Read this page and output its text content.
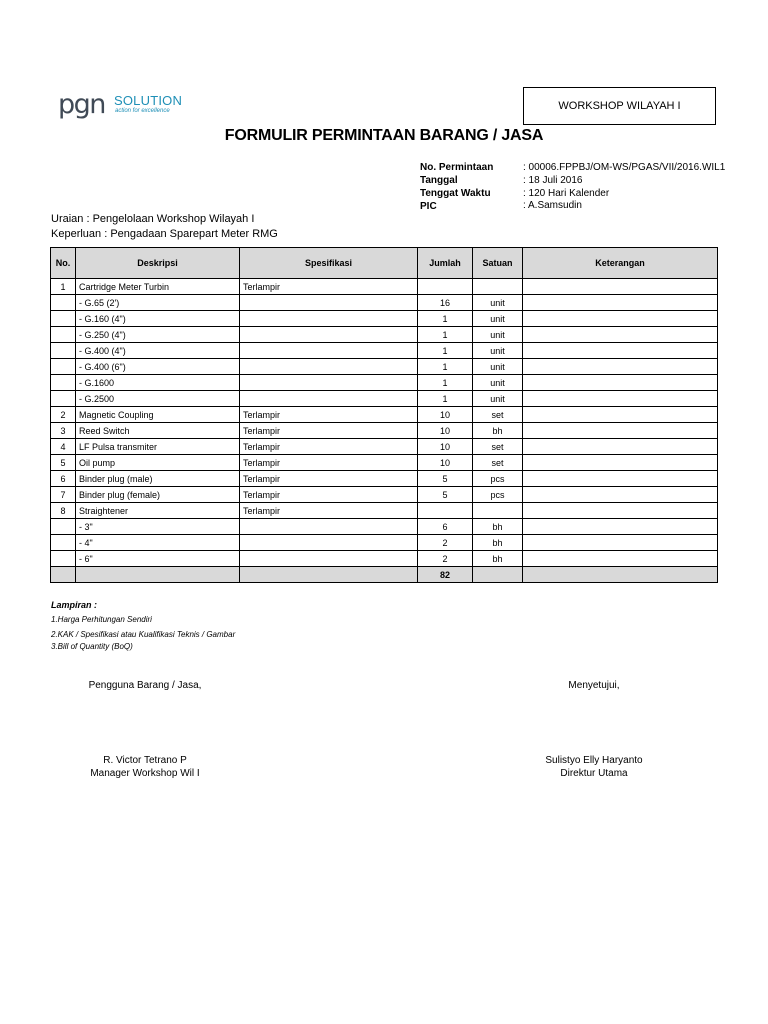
pgn SOLUTION
action for excellence	WORKSHOP WILAYAH I
FORMULIR PERMINTAAN BARANG / JASA
No. Permintaan	: 00006.FPPBJ/OM-WS/PGAS/VII/2016.WIL1
Tanggal	: 18 Juli 2016
Tenggat Waktu	: 120 Hari Kalender
PIC	: A.Samsudin
Uraian : Pengelolaan Workshop Wilayah I
Keperluan : Pengadaan Sparepart Meter RMG
No.	Deskripsi	Spesifikasi	Jumlah	Satuan	Keterangan
1	Cartridge Meter Turbin	Terlampir			
	- G.65 (2')		16	unit	
	- G.160 (4")		1	unit	
	- G.250 (4")		1	unit	
	- G.400 (4")		1	unit	
	- G.400 (6")		1	unit	
	- G.1600		1	unit	
	- G.2500		1	unit	
2	Magnetic Coupling	Terlampir	10	set	
3	Reed Switch	Terlampir	10	bh	
4	LF Pulsa transmiter	Terlampir	10	set	
5	Oil pump	Terlampir	10	set	
6	Binder plug (male)	Terlampir	5	pcs	
7	Binder plug (female)	Terlampir	5	pcs	
8	Straightener	Terlampir			
	- 3"		6	bh	
	- 4"		2	bh	
	- 6"		2	bh	
			82		
Lampiran :
1.Harga Perhitungan Sendiri
2.KAK / Spesifikasi atau Kualifikasi Teknis / Gambar
3.Bill of Quantity (BoQ)
Pengguna Barang / Jasa,
R. Victor Tetrano P
Manager Workshop Wil I
Menyetujui,
Sulistyo Elly Haryanto
Direktur Utama
